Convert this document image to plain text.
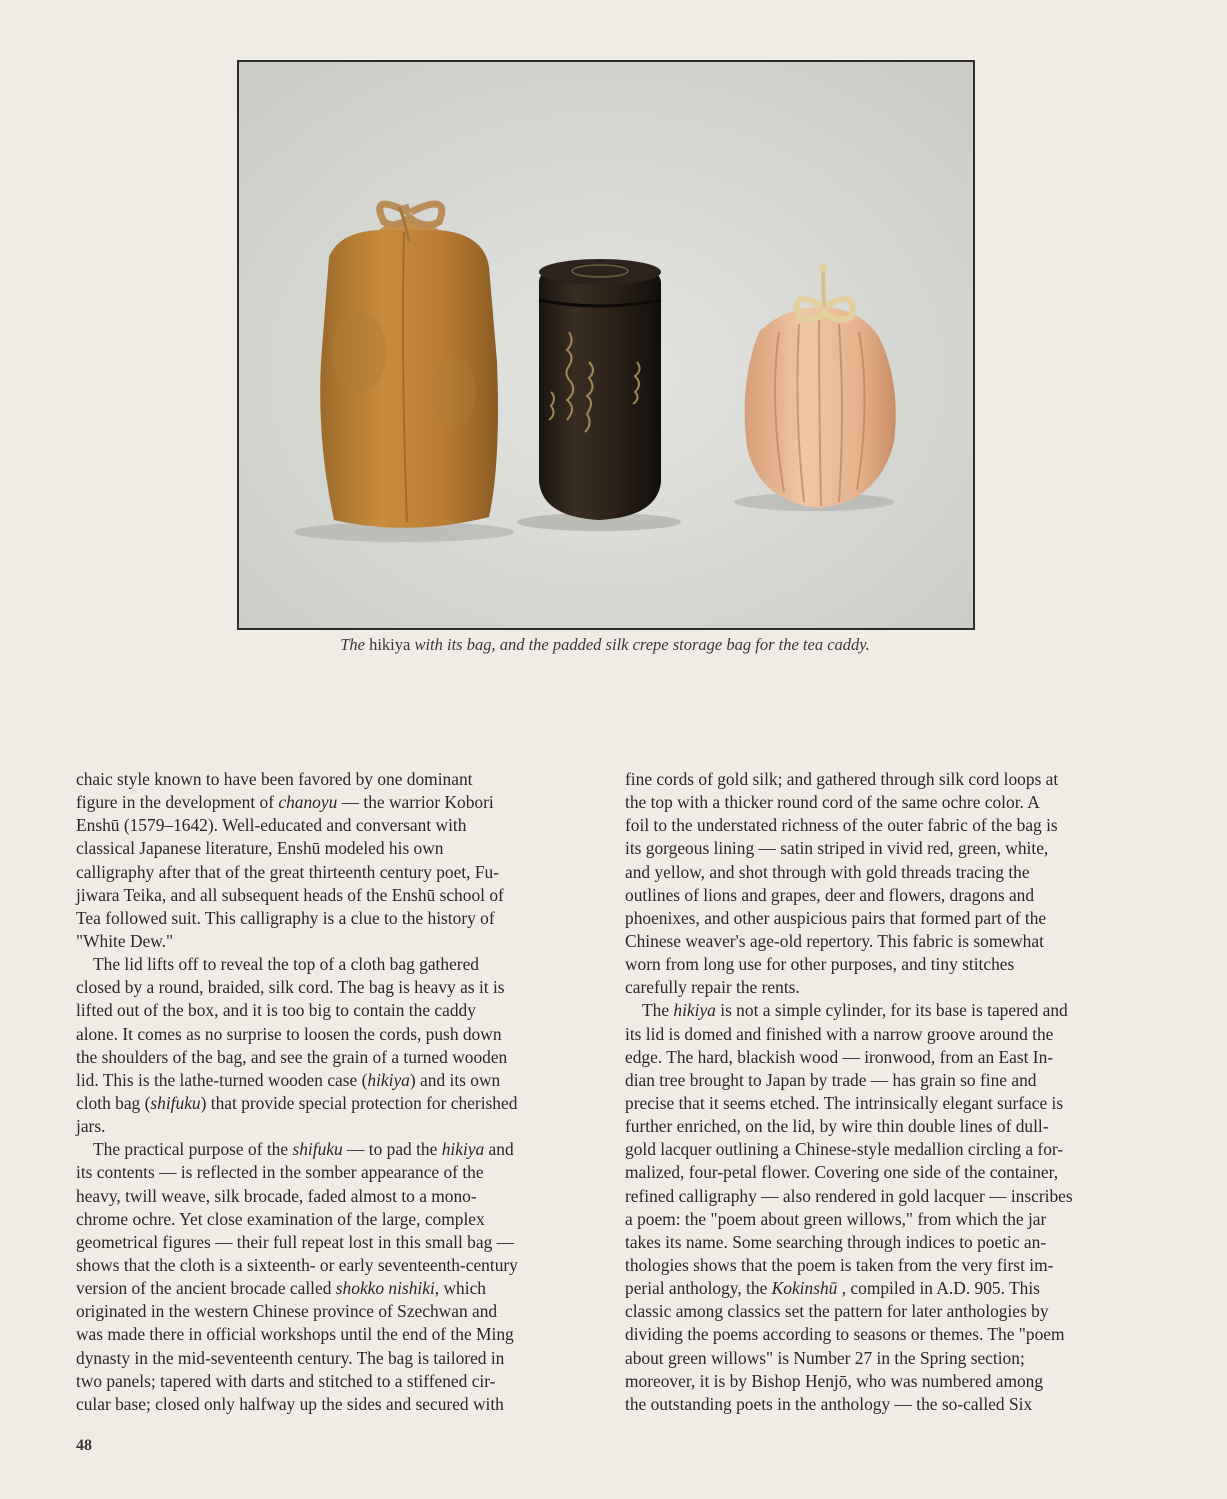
The hikiya with its bag, and the padded silk crepe storage bag for the tea caddy.
chaic style known to have been favored by one dominant
figure in the development of chanoyu — the warrior Kobori
Enshū (1579–1642). Well-educated and conversant with
classical Japanese literature, Enshū modeled his own
calligraphy after that of the great thirteenth century poet, Fu-
jiwara Teika, and all subsequent heads of the Enshū school of
Tea followed suit. This calligraphy is a clue to the history of
"White Dew."
The lid lifts off to reveal the top of a cloth bag gathered
closed by a round, braided, silk cord. The bag is heavy as it is
lifted out of the box, and it is too big to contain the caddy
alone. It comes as no surprise to loosen the cords, push down
the shoulders of the bag, and see the grain of a turned wooden
lid. This is the lathe-turned wooden case (hikiya) and its own
cloth bag (shifuku) that provide special protection for cherished
jars.
The practical purpose of the shifuku — to pad the hikiya and
its contents — is reflected in the somber appearance of the
heavy, twill weave, silk brocade, faded almost to a mono-
chrome ochre. Yet close examination of the large, complex
geometrical figures — their full repeat lost in this small bag —
shows that the cloth is a sixteenth- or early seventeenth-century
version of the ancient brocade called shokko nishiki, which
originated in the western Chinese province of Szechwan and
was made there in official workshops until the end of the Ming
dynasty in the mid-seventeenth century. The bag is tailored in
two panels; tapered with darts and stitched to a stiffened cir-
cular base; closed only halfway up the sides and secured with
fine cords of gold silk; and gathered through silk cord loops at
the top with a thicker round cord of the same ochre color. A
foil to the understated richness of the outer fabric of the bag is
its gorgeous lining — satin striped in vivid red, green, white,
and yellow, and shot through with gold threads tracing the
outlines of lions and grapes, deer and flowers, dragons and
phoenixes, and other auspicious pairs that formed part of the
Chinese weaver's age-old repertory. This fabric is somewhat
worn from long use for other purposes, and tiny stitches
carefully repair the rents.
The hikiya is not a simple cylinder, for its base is tapered and
its lid is domed and finished with a narrow groove around the
edge. The hard, blackish wood — ironwood, from an East In-
dian tree brought to Japan by trade — has grain so fine and
precise that it seems etched. The intrinsically elegant surface is
further enriched, on the lid, by wire thin double lines of dull-
gold lacquer outlining a Chinese-style medallion circling a for-
malized, four-petal flower. Covering one side of the container,
refined calligraphy — also rendered in gold lacquer — inscribes
a poem: the "poem about green willows," from which the jar
takes its name. Some searching through indices to poetic an-
thologies shows that the poem is taken from the very first im-
perial anthology, the Kokinshū , compiled in A.D. 905. This
classic among classics set the pattern for later anthologies by
dividing the poems according to seasons or themes. The "poem
about green willows" is Number 27 in the Spring section;
moreover, it is by Bishop Henjō, who was numbered among
the outstanding poets in the anthology — the so-called Six
48
